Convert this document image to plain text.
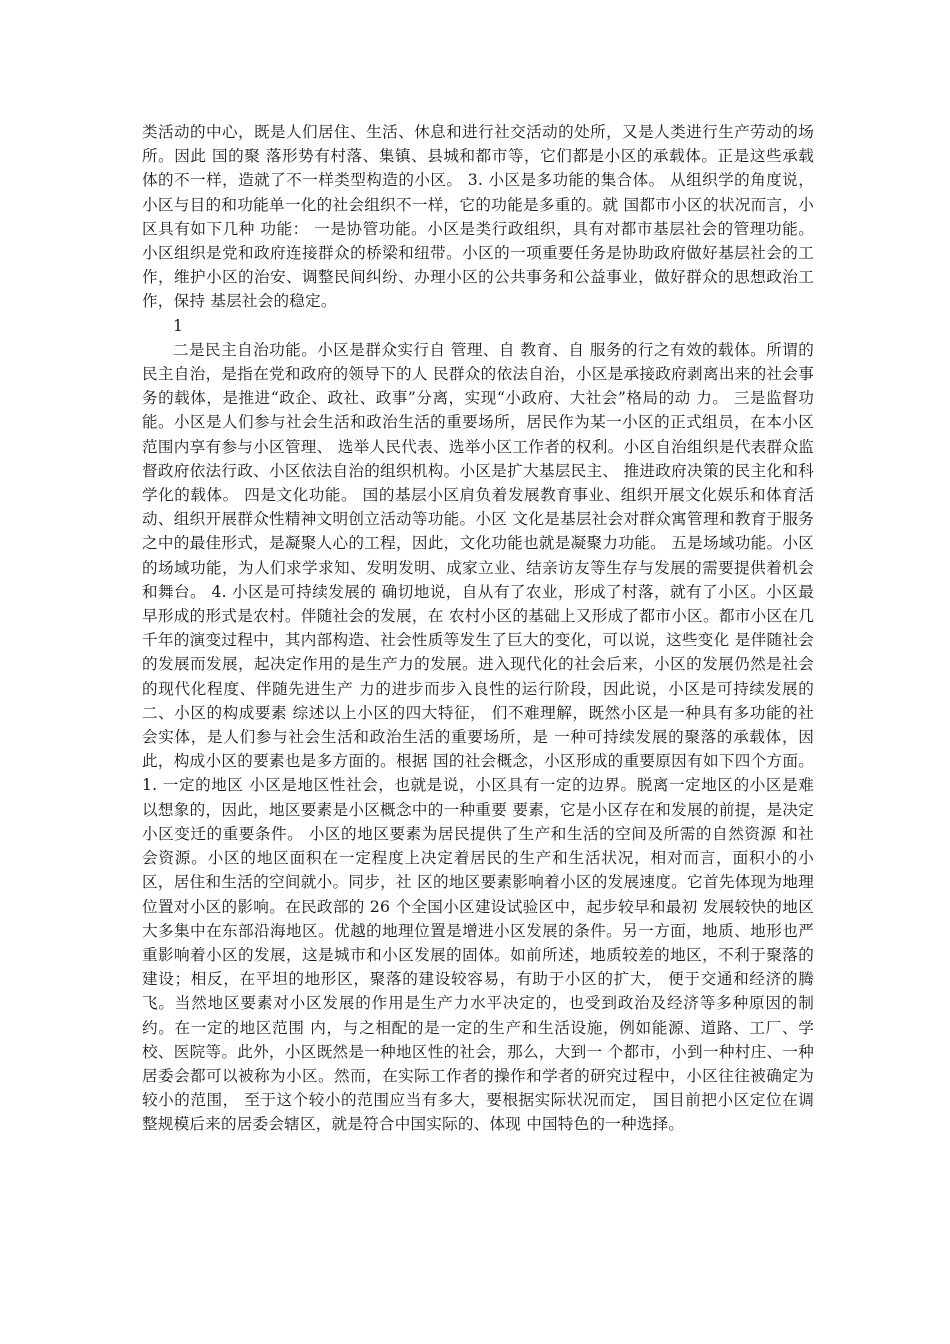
类活动的中心，既是人们居住、生活、休息和进行社交活动的处所，又是人类进行生产劳动的场所。因此 国的聚 落形势有村落、集镇、县城和都市等，它们都是小区的承载体。正是这些承载体的不一样，造就了不一样类型构造的小区。 3. 小区是多功能的集合体。 从组织学的角度说，小区与目的和功能单一化的社会组织不一样，它的功能是多重的。就 国都市小区的状况而言，小区具有如下几种 功能： 一是协管功能。小区是类行政组织，具有对都市基层社会的管理功能。小区组织是党和政府连接群众的桥梁和纽带。小区的一项重要任务是协助政府做好基层社会的工作，维护小区的治安、调整民间纠纷、办理小区的公共事务和公益事业，做好群众的思想政治工作，保持 基层社会的稳定。

1

二是民主自治功能。小区是群众实行自 管理、自 教育、自 服务的行之有效的载体。所谓的民主自治，是指在党和政府的领导下的人 民群众的依法自治，小区是承接政府剥离出来的社会事务的载体，是推进“政企、政社、政事”分离，实现“小政府、大社会”格局的动 力。 三是监督功能。小区是人们参与社会生活和政治生活的重要场所，居民作为某一小区的正式组员，在本小区范围内享有参与小区管理、 选举人民代表、选举小区工作者的权利。小区自治组织是代表群众监督政府依法行政、小区依法自治的组织机构。小区是扩大基层民主、 推进政府决策的民主化和科学化的载体。 四是文化功能。 国的基层小区肩负着发展教育事业、组织开展文化娱乐和体育活动、组织开展群众性精神文明创立活动等功能。小区 文化是基层社会对群众寓管理和教育于服务之中的最佳形式，是凝聚人心的工程，因此，文化功能也就是凝聚力功能。 五是场域功能。小区的场域功能，为人们求学求知、发明发明、成家立业、结亲访友等生存与发展的需要提供着机会和舞台。 4. 小区是可持续发展的 确切地说，自从有了农业，形成了村落，就有了小区。小区最早形成的形式是农村。伴随社会的发展，在 农村小区的基础上又形成了都市小区。都市小区在几千年的演变过程中，其内部构造、社会性质等发生了巨大的变化，可以说，这些变化 是伴随社会的发展而发展，起决定作用的是生产力的发展。进入现代化的社会后来，小区的发展仍然是社会的现代化程度、伴随先进生产 力的进步而步入良性的运行阶段，因此说，小区是可持续发展的 二、小区的构成要素 综述以上小区的四大特征， 们不难理解，既然小区是一种具有多功能的社会实体，是人们参与社会生活和政治生活的重要场所，是 一种可持续发展的聚落的承载体，因此，构成小区的要素也是多方面的。根据 国的社会概念，小区形成的重要原因有如下四个方面。 1. 一定的地区 小区是地区性社会，也就是说，小区具有一定的边界。脱离一定地区的小区是难以想象的，因此，地区要素是小区概念中的一种重要 要素，它是小区存在和发展的前提，是决定小区变迁的重要条件。 小区的地区要素为居民提供了生产和生活的空间及所需的自然资源 和社会资源。小区的地区面积在一定程度上决定着居民的生产和生活状况，相对而言，面积小的小区，居住和生活的空间就小。同步，社 区的地区要素影响着小区的发展速度。它首先体现为地理位置对小区的影响。在民政部的 26 个全国小区建设试验区中，起步较早和最初 发展较快的地区大多集中在东部沿海地区。优越的地理位置是增进小区发展的条件。另一方面，地质、地形也严重影响着小区的发展，这是城市和小区发展的固体。如前所述，地质较差的地区，不利于聚落的建设；相反，在平坦的地形区，聚落的建设较容易，有助于小区的扩大， 便于交通和经济的腾飞。当然地区要素对小区发展的作用是生产力水平决定的，也受到政治及经济等多种原因的制约。在一定的地区范围 内，与之相配的是一定的生产和生活设施，例如能源、道路、工厂、学校、医院等。此外，小区既然是一种地区性的社会，那么，大到一 个都市，小到一种村庄、一种居委会都可以被称为小区。然而，在实际工作者的操作和学者的研究过程中，小区往往被确定为较小的范围， 至于这个较小的范围应当有多大，要根据实际状况而定， 国目前把小区定位在调整规模后来的居委会辖区，就是符合中国实际的、体现 中国特色的一种选择。
